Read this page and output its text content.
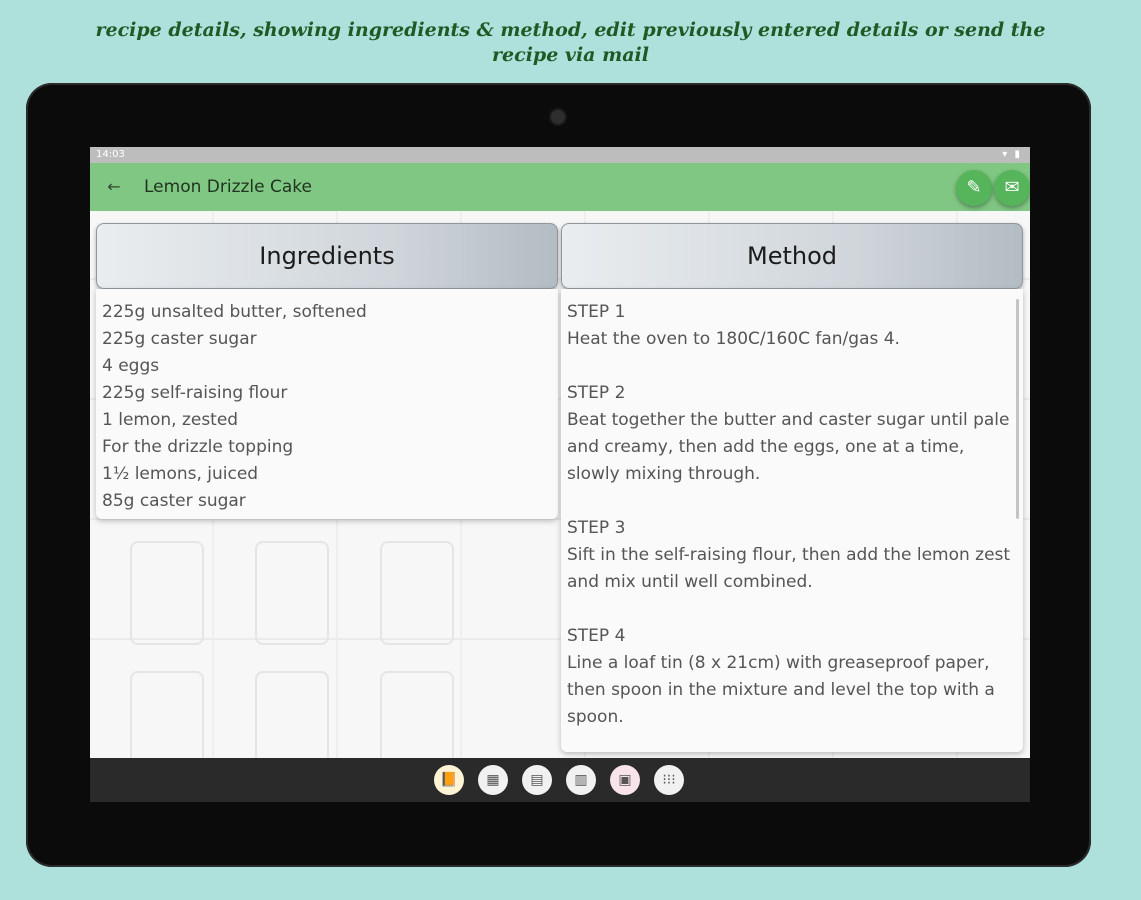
recipe details, showing ingredients & method, edit previously entered details or send the recipe via mail
14:03	▾ ▮
←	Lemon Drizzle Cake	✎	✉
Ingredients
225g unsalted butter, softened
225g caster sugar
4 eggs
225g self-raising flour
1 lemon, zested
For the drizzle topping
1½ lemons, juiced
85g caster sugar
Method
STEP 1
Heat the oven to 180C/160C fan/gas 4.
STEP 2
Beat together the butter and caster sugar until pale and creamy, then add the eggs, one at a time, slowly mixing through.
STEP 3
Sift in the self-raising flour, then add the lemon zest and mix until well combined.
STEP 4
Line a loaf tin (8 x 21cm) with greaseproof paper, then spoon in the mixture and level the top with a spoon.
📙	▦	▤	▥	▣	⁝⁝⁝
